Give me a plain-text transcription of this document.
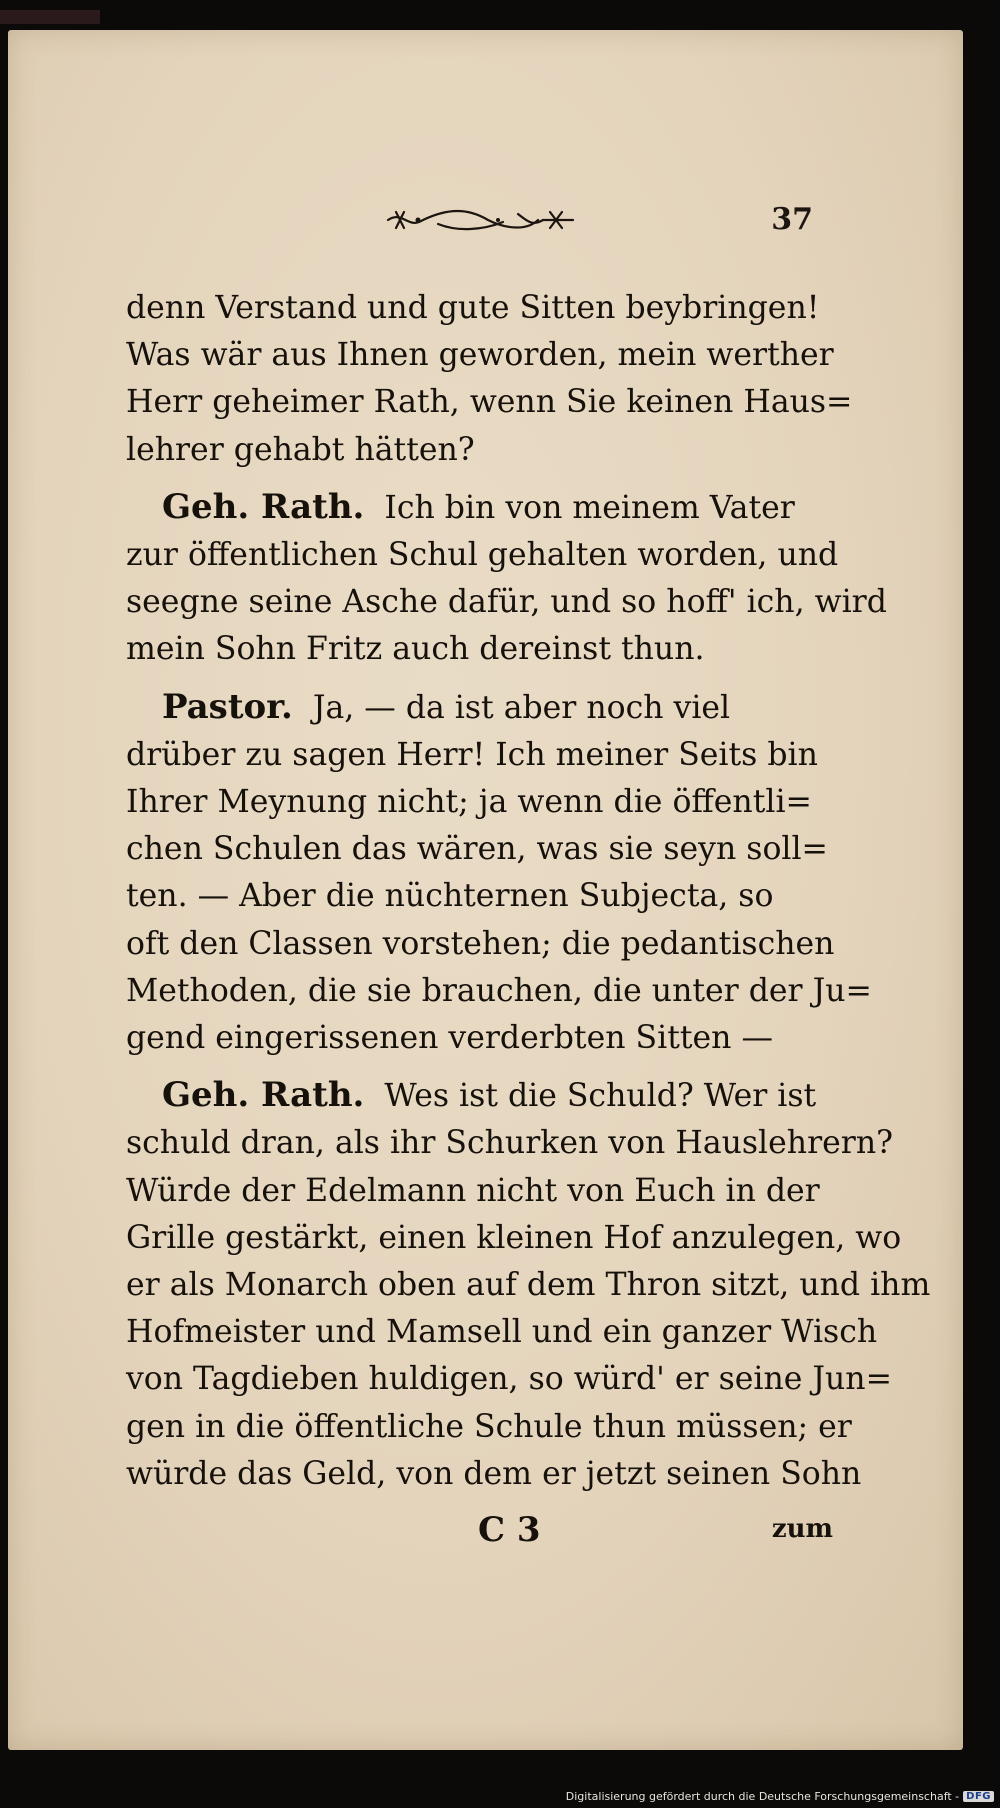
37

denn Verstand und gute Sitten beybringen!
Was wär aus Ihnen geworden, mein werther
Herr geheimer Rath, wenn Sie keinen Haus=
lehrer gehabt hätten?

Geh. Rath. Ich bin von meinem Vater
zur öffentlichen Schul gehalten worden, und
seegne seine Asche dafür, und so hoff' ich, wird
mein Sohn Fritz auch dereinst thun.

Pastor. Ja, — da ist aber noch viel
drüber zu sagen Herr! Ich meiner Seits bin
Ihrer Meynung nicht; ja wenn die öffentli=
chen Schulen das wären, was sie seyn soll=
ten. — Aber die nüchternen Subjecta, so
oft den Classen vorstehen; die pedantischen
Methoden, die sie brauchen, die unter der Ju=
gend eingerissenen verderbten Sitten —

Geh. Rath. Wes ist die Schuld? Wer ist
schuld dran, als ihr Schurken von Hauslehrern?
Würde der Edelmann nicht von Euch in der
Grille gestärkt, einen kleinen Hof anzulegen, wo
er als Monarch oben auf dem Thron sitzt, und ihm
Hofmeister und Mamsell und ein ganzer Wisch
von Tagdieben huldigen, so würd' er seine Jun=
gen in die öffentliche Schule thun müssen; er
würde das Geld, von dem er jetzt seinen Sohn

C 3	zum
Digitalisierung gefördert durch die Deutsche Forschungsgemeinschaft - DFG
